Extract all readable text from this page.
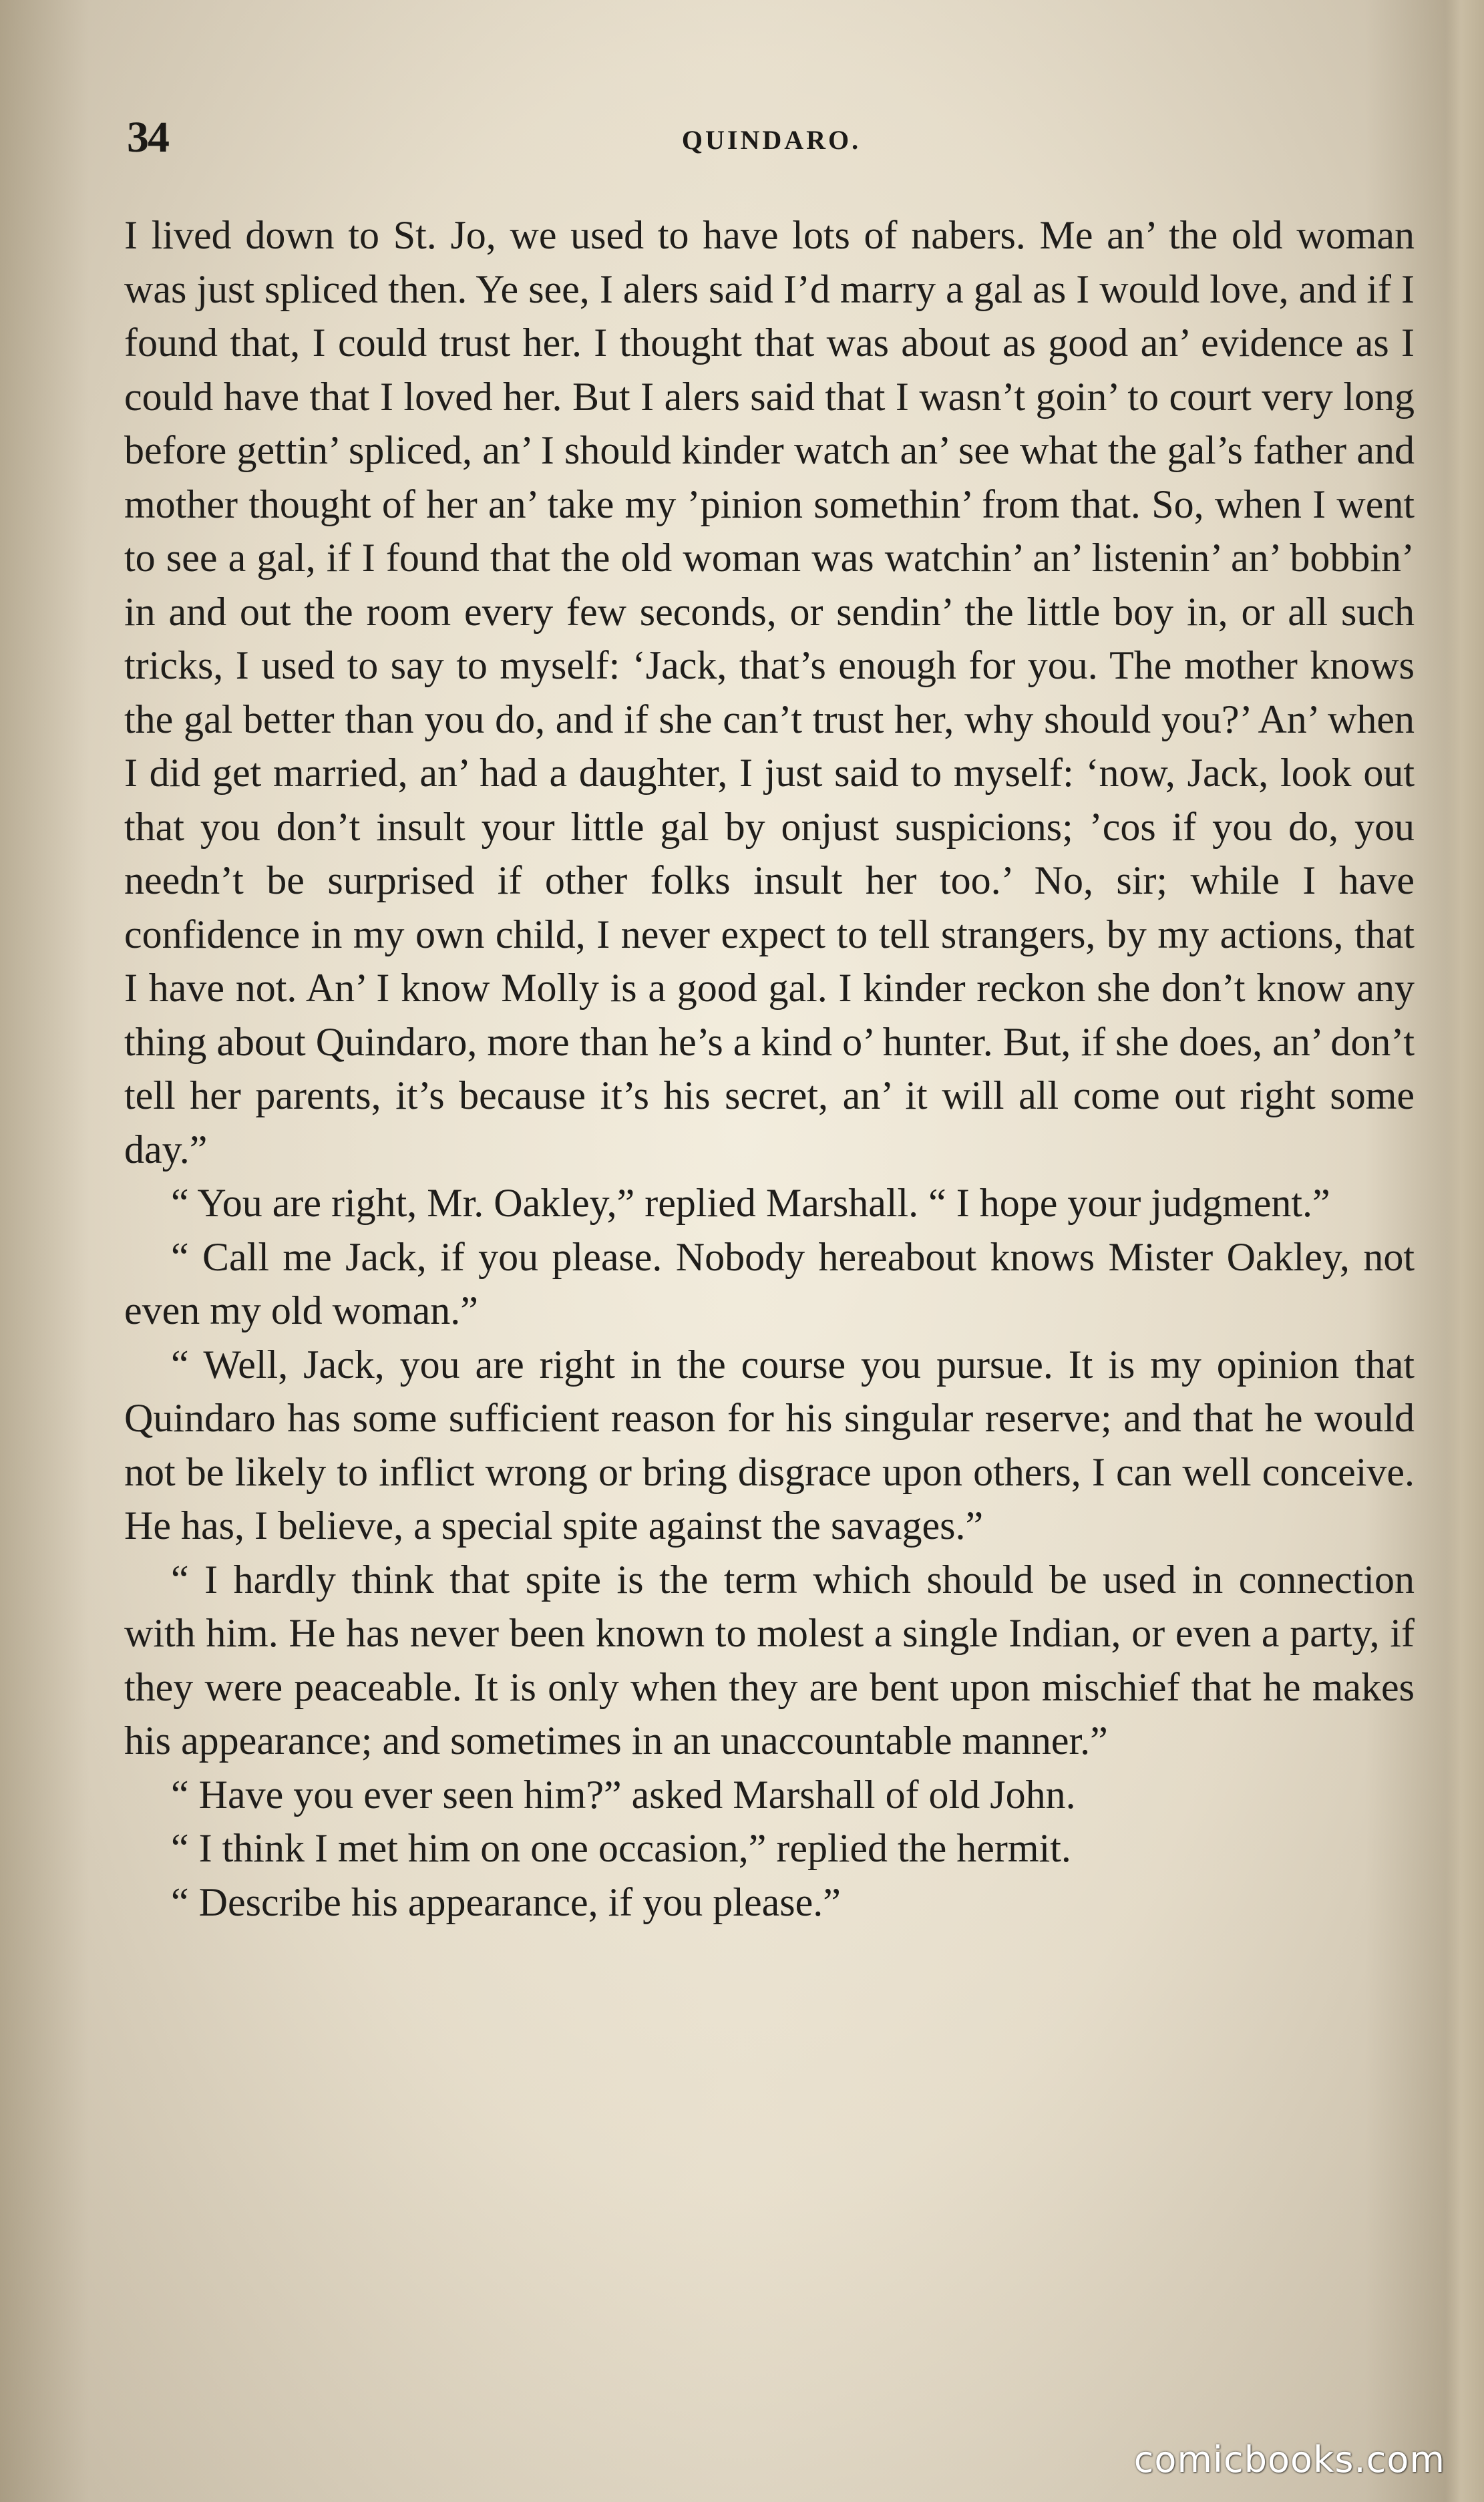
34	QUINDARO.

I lived down to St. Jo, we used to have lots of nabers. Me an’ the old woman was just spliced then. Ye see, I alers said I’d marry a gal as I would love, and if I found that, I could trust her. I thought that was about as good an’ evidence as I could have that I loved her. But I alers said that I wasn’t goin’ to court very long before gettin’ spliced, an’ I should kinder watch an’ see what the gal’s father and mother thought of her an’ take my ’pinion somethin’ from that. So, when I went to see a gal, if I found that the old woman was watchin’ an’ listenin’ an’ bobbin’ in and out the room every few seconds, or sendin’ the little boy in, or all such tricks, I used to say to myself: ‘Jack, that’s enough for you. The mother knows the gal better than you do, and if she can’t trust her, why should you?’ An’ when I did get married, an’ had a daughter, I just said to myself: ‘now, Jack, look out that you don’t insult your little gal by onjust suspicions; ’cos if you do, you needn’t be surprised if other folks insult her too.’ No, sir; while I have confidence in my own child, I never expect to tell strangers, by my actions, that I have not. An’ I know Molly is a good gal. I kinder reckon she don’t know any thing about Quindaro, more than he’s a kind o’ hunter. But, if she does, an’ don’t tell her parents, it’s because it’s his secret, an’ it will all come out right some day.”

“ You are right, Mr. Oakley,” replied Marshall. “ I hope your judgment.”

“ Call me Jack, if you please. Nobody hereabout knows Mister Oakley, not even my old woman.”

“ Well, Jack, you are right in the course you pursue. It is my opinion that Quindaro has some sufficient reason for his singular reserve; and that he would not be likely to inflict wrong or bring disgrace upon others, I can well conceive. He has, I believe, a special spite against the savages.”

“ I hardly think that spite is the term which should be used in connection with him. He has never been known to molest a single Indian, or even a party, if they were peaceable. It is only when they are bent upon mischief that he makes his appearance; and sometimes in an unaccountable manner.”

“ Have you ever seen him?” asked Marshall of old John.

“ I think I met him on one occasion,” replied the hermit.

“ Describe his appearance, if you please.”

comicbooks.com
